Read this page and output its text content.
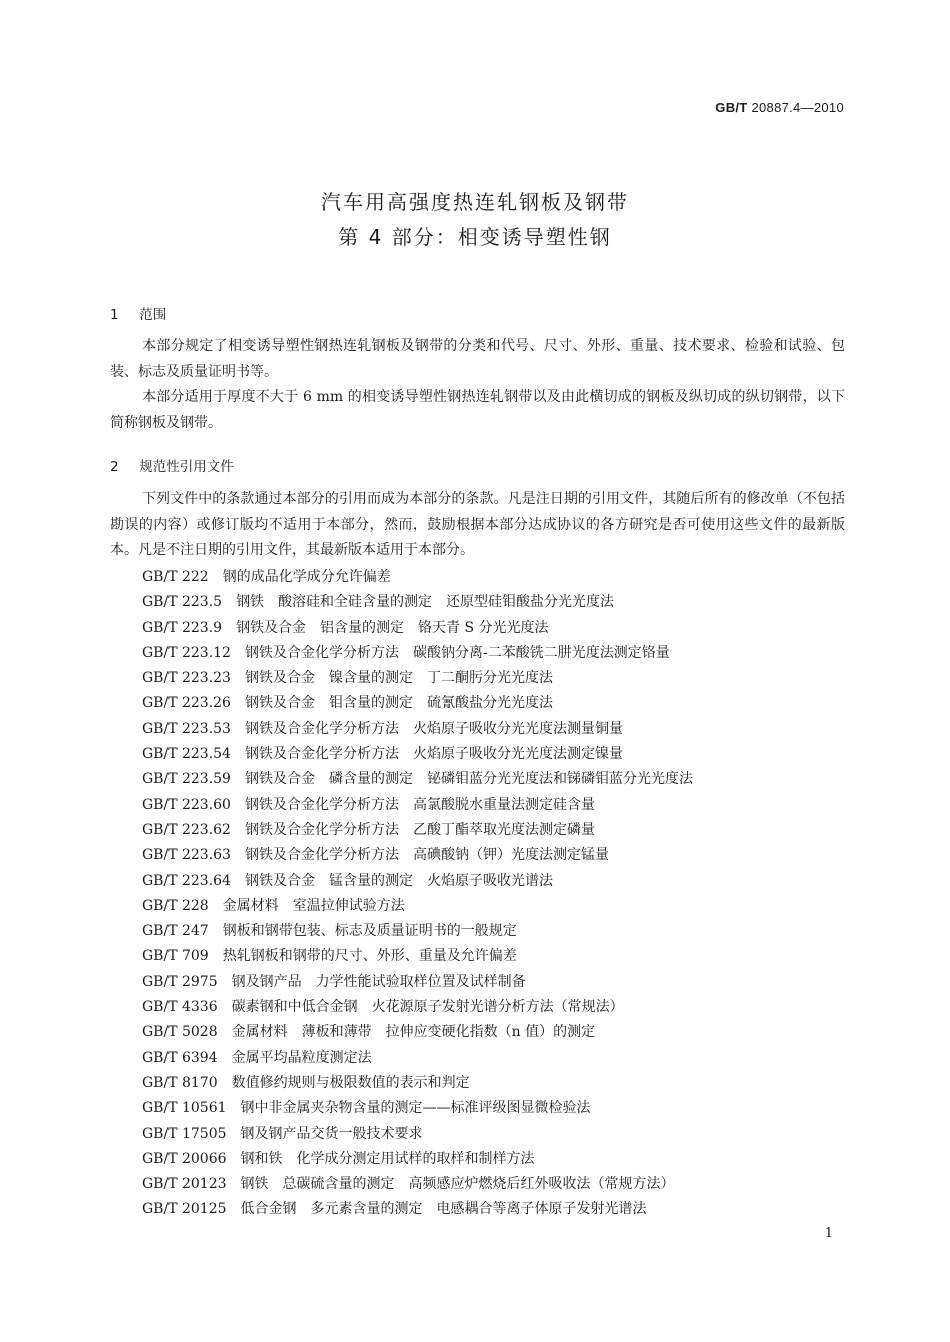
GB/T 20887.4—2010
汽车用高强度热连轧钢板及钢带
第 4 部分：相变诱导塑性钢
1 范围

本部分规定了相变诱导塑性钢热连轧钢板及钢带的分类和代号、尺寸、外形、重量、技术要求、检验和试验、包装、标志及质量证明书等。

本部分适用于厚度不大于 6 mm 的相变诱导塑性钢热连轧钢带以及由此横切成的钢板及纵切成的纵切钢带，以下简称钢板及钢带。

2 规范性引用文件

下列文件中的条款通过本部分的引用而成为本部分的条款。凡是注日期的引用文件，其随后所有的修改单（不包括勘误的内容）或修订版均不适用于本部分，然而，鼓励根据本部分达成协议的各方研究是否可使用这些文件的最新版本。凡是不注日期的引用文件，其最新版本适用于本部分。

GB/T 222 钢的成品化学成分允许偏差
GB/T 223.5 钢铁　酸溶硅和全硅含量的测定　还原型硅钼酸盐分光光度法
GB/T 223.9 钢铁及合金　铝含量的测定　铬天青 S 分光光度法
GB/T 223.12 钢铁及合金化学分析方法　碳酸钠分离-二苯酸铣二肼光度法测定铬量
GB/T 223.23 钢铁及合金　镍含量的测定　丁二酮肟分光光度法
GB/T 223.26 钢铁及合金　钼含量的测定　硫氰酸盐分光光度法
GB/T 223.53 钢铁及合金化学分析方法　火焰原子吸收分光光度法测量铜量
GB/T 223.54 钢铁及合金化学分析方法　火焰原子吸收分光光度法测定镍量
GB/T 223.59 钢铁及合金　磷含量的测定　铋磷钼蓝分光光度法和锑磷钼蓝分光光度法
GB/T 223.60 钢铁及合金化学分析方法　高氯酸脱水重量法测定硅含量
GB/T 223.62 钢铁及合金化学分析方法　乙酸丁酯萃取光度法测定磷量
GB/T 223.63 钢铁及合金化学分析方法　高碘酸钠（钾）光度法测定锰量
GB/T 223.64 钢铁及合金　锰含量的测定　火焰原子吸收光谱法
GB/T 228 金属材料　室温拉伸试验方法
GB/T 247 钢板和钢带包装、标志及质量证明书的一般规定
GB/T 709 热轧钢板和钢带的尺寸、外形、重量及允许偏差
GB/T 2975 钢及钢产品　力学性能试验取样位置及试样制备
GB/T 4336 碳素钢和中低合金钢　火花源原子发射光谱分析方法（常规法）
GB/T 5028 金属材料　薄板和薄带　拉伸应变硬化指数（n 值）的测定
GB/T 6394 金属平均晶粒度测定法
GB/T 8170 数值修约规则与极限数值的表示和判定
GB/T 10561 钢中非金属夹杂物含量的测定——标准评级图显微检验法
GB/T 17505 钢及钢产品交货一般技术要求
GB/T 20066 钢和铁　化学成分测定用试样的取样和制样方法
GB/T 20123 钢铁　总碳硫含量的测定　高频感应炉燃烧后红外吸收法（常规方法）
GB/T 20125 低合金钢　多元素含量的测定　电感耦合等离子体原子发射光谱法
1
